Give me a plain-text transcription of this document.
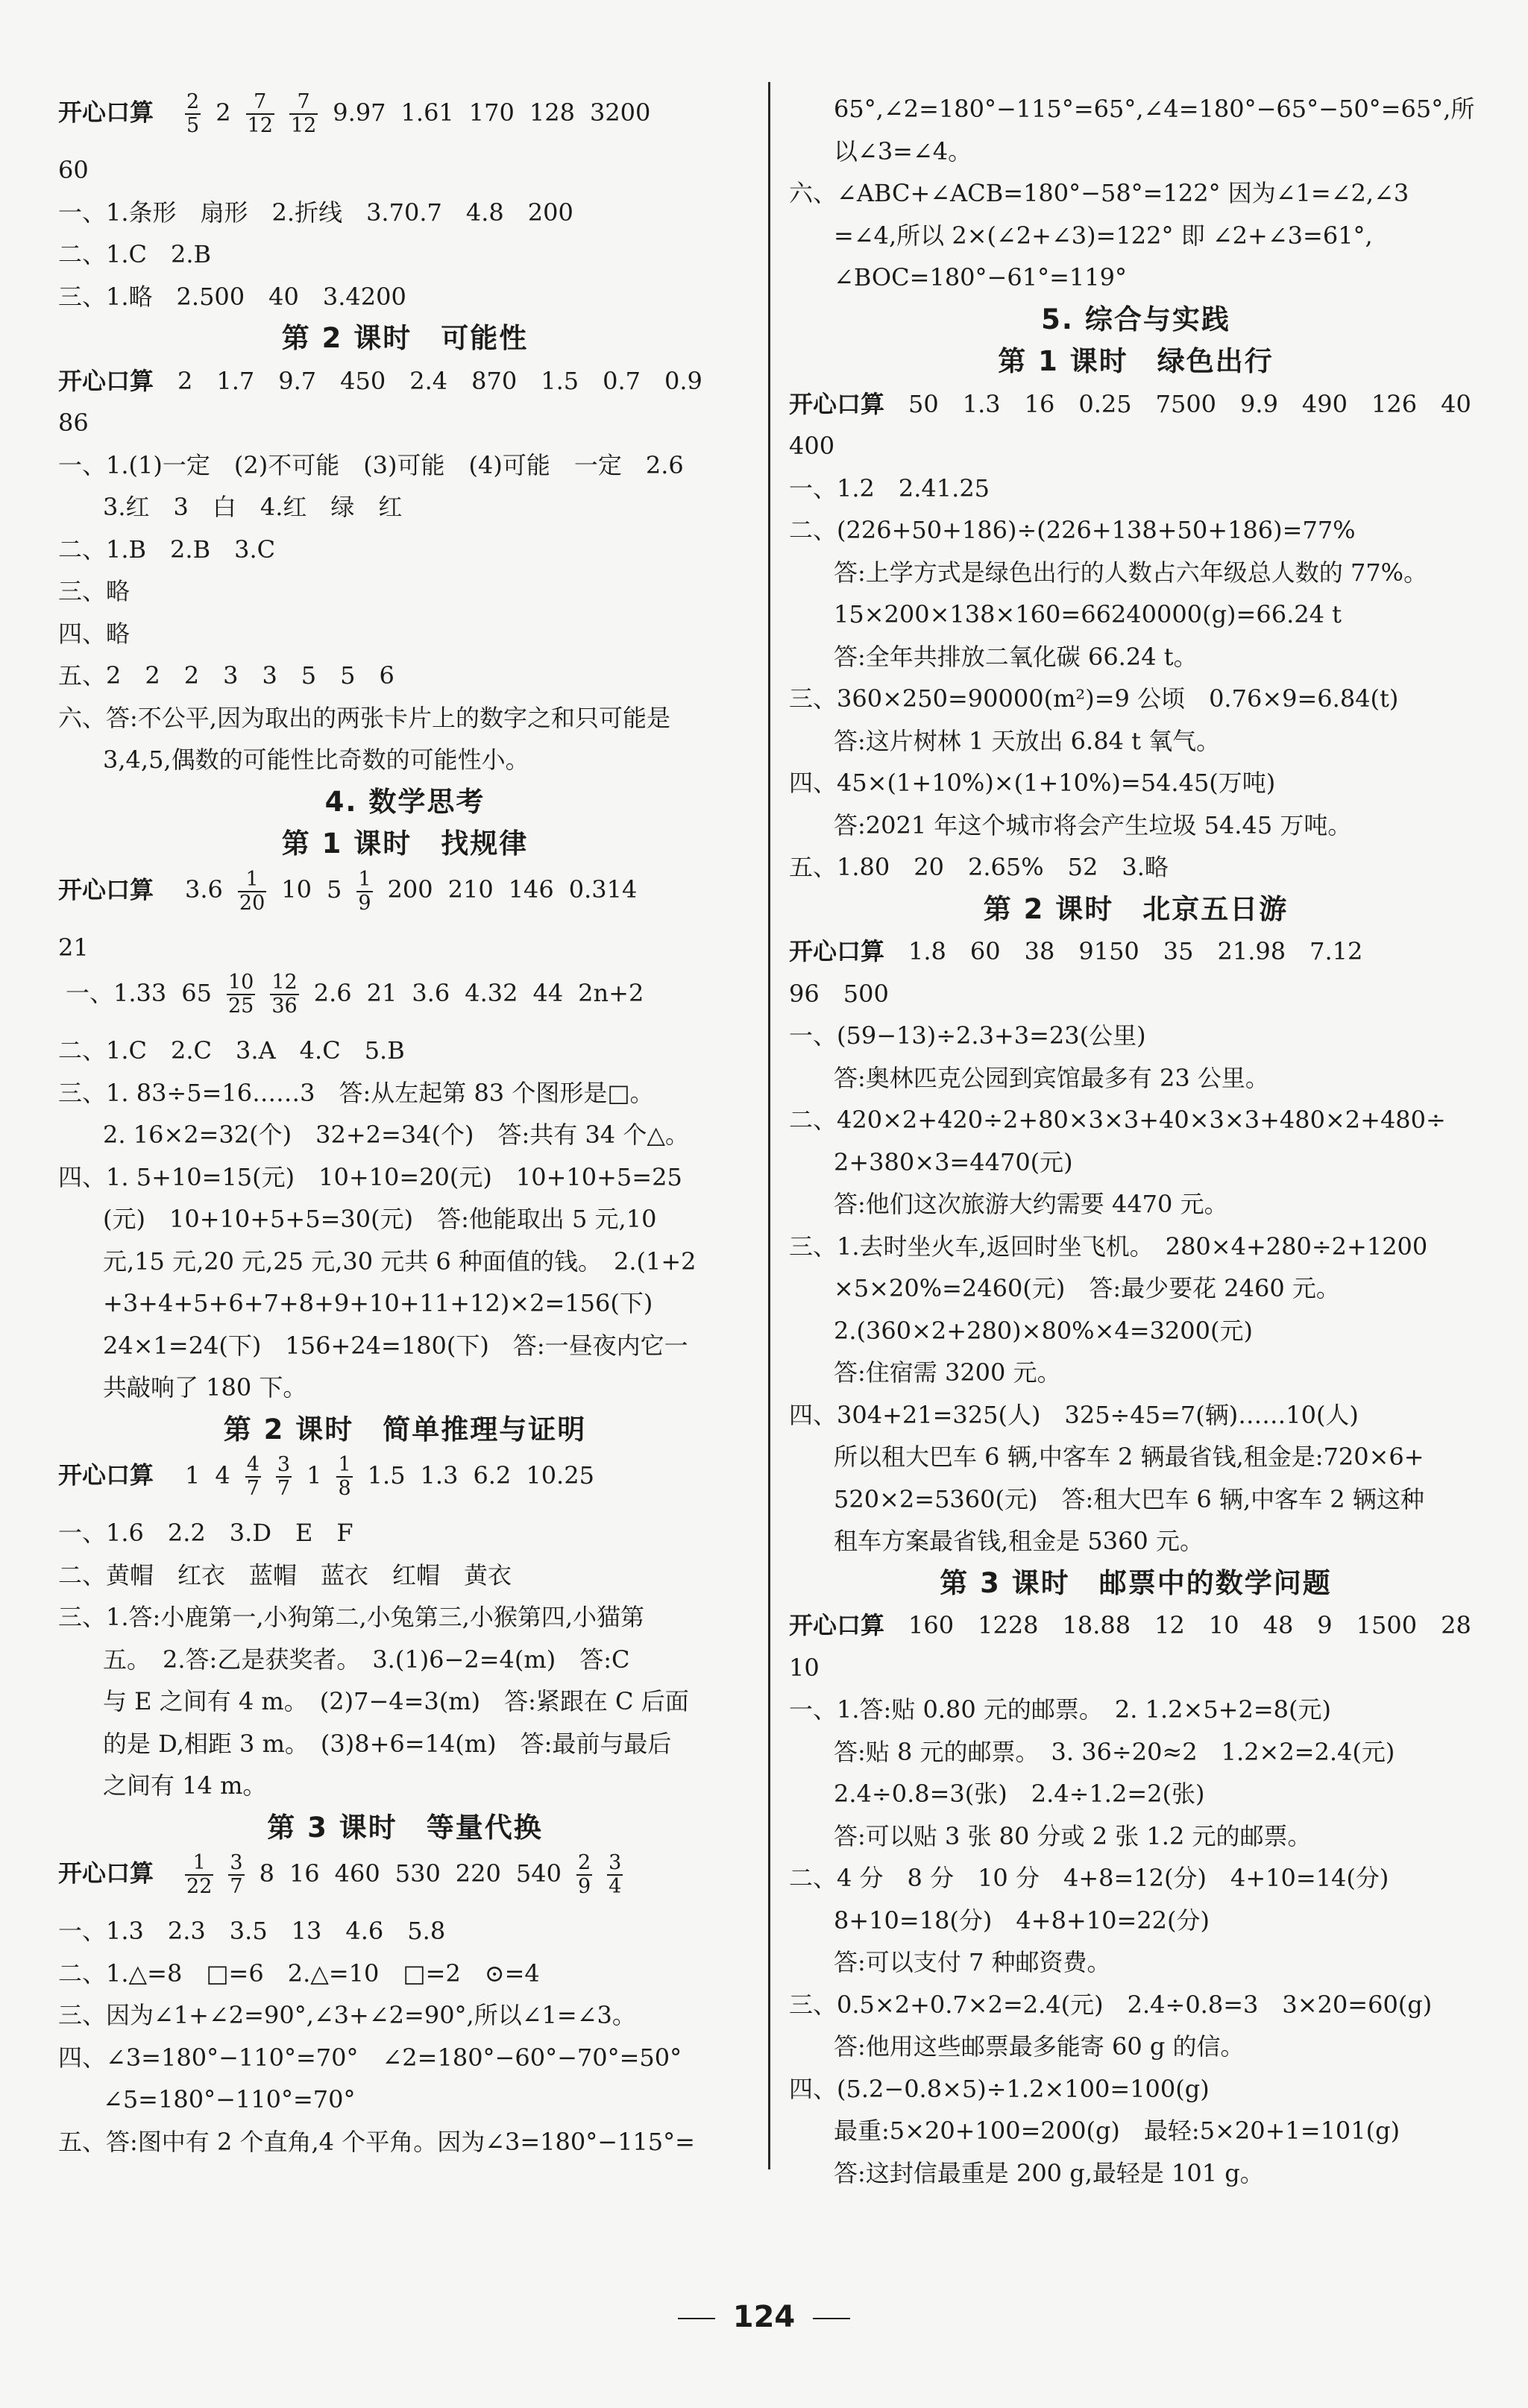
开心口算　 $\frac{2}{5} 2 \frac{7}{12} \frac{7}{12} 9.97$ 1.61 170 128 3200
60
一、1.条形　扇形　2.折线　3.70.7　4.8　200
二、1.C　2.B
三、1.略　2.500　40　3.4200
第 2 课时　可能性
开心口算　2　1.7　9.7　450　2.4　870　1.5　0.7　0.9
86
一、1.(1)一定　(2)不可能　(3)可能　(4)可能　一定　2.6
3.红　3　白　4.红　绿　红
二、1.B　2.B　3.C
三、略
四、略
五、2　2　2　3　3　5　5　6
六、答:不公平,因为取出的两张卡片上的数字之和只可能是
3,4,5,偶数的可能性比奇数的可能性小。
4. 数学思考
第 1 课时　找规律
开心口算　$3.6 \frac{1}{20} 10$ $5 \frac{1}{9} 200$ 210 146 0.314
21
一、1.33 $65 \frac{10}{25} \frac{12}{36} 2.6$ 21 3.6 4.32 44 2n+2
二、1.C　2.C　3.A　4.C　5.B
三、1. 83÷5=16……3　答:从左起第 83 个图形是□。
2. 16×2=32(个)　32+2=34(个)　答:共有 34 个△。
四、1. 5+10=15(元)　10+10=20(元)　10+10+5=25
(元)　10+10+5+5=30(元)　答:他能取出 5 元,10
元,15 元,20 元,25 元,30 元共 6 种面值的钱。　2.(1+2
+3+4+5+6+7+8+9+10+11+12)×2=156(下)
24×1=24(下)　156+24=180(下)　答:一昼夜内它一
共敲响了 180 下。
第 2 课时　简单推理与证明
开心口算　1 $4 \frac{4}{7} \frac{3}{7} 1 \frac{1}{8} 1.5$ 1.3 6.2 10.25
一、1.6　2.2　3.D　E　F
二、黄帽　红衣　蓝帽　蓝衣　红帽　黄衣
三、1.答:小鹿第一,小狗第二,小兔第三,小猴第四,小猫第
五。　2.答:乙是获奖者。　3.(1)6−2=4(m)　答:C
与 E 之间有 4 m。　(2)7−4=3(m)　答:紧跟在 C 后面
的是 D,相距 3 m。　(3)8+6=14(m)　答:最前与最后
之间有 14 m。
第 3 课时　等量代换
开心口算　 $\frac{1}{22} \frac{3}{7} 8$ 16 460 530 220 $540 \frac{2}{9} \frac{3}{4}$
一、1.3　2.3　3.5　13　4.6　5.8
二、1.△=8　□=6　2.△=10　□=2　⊙=4
三、因为∠1+∠2=90°,∠3+∠2=90°,所以∠1=∠3。
四、∠3=180°−110°=70°　∠2=180°−60°−70°=50°
∠5=180°−110°=70°
五、答:图中有 2 个直角,4 个平角。因为∠3=180°−115°=
65°,∠2=180°−115°=65°,∠4=180°−65°−50°=65°,所
以∠3=∠4。
六、∠ABC+∠ACB=180°−58°=122° 因为∠1=∠2,∠3
=∠4,所以 2×(∠2+∠3)=122° 即 ∠2+∠3=61°,
∠BOC=180°−61°=119°
5. 综合与实践
第 1 课时　绿色出行
开心口算　50　1.3　16　0.25　7500　9.9　490　126　40
400
一、1.2　2.41.25
二、(226+50+186)÷(226+138+50+186)=77%
答:上学方式是绿色出行的人数占六年级总人数的 77%。
15×200×138×160=66240000(g)=66.24 t
答:全年共排放二氧化碳 66.24 t。
三、360×250=90000(m²)=9 公顷　0.76×9=6.84(t)
答:这片树林 1 天放出 6.84 t 氧气。
四、45×(1+10%)×(1+10%)=54.45(万吨)
答:2021 年这个城市将会产生垃圾 54.45 万吨。
五、1.80　20　2.65%　52　3.略
第 2 课时　北京五日游
开心口算　1.8　60　38　9150　35　21.98　7.12
96　500
一、(59−13)÷2.3+3=23(公里)
答:奥林匹克公园到宾馆最多有 23 公里。
二、420×2+420÷2+80×3×3+40×3×3+480×2+480÷
2+380×3=4470(元)
答:他们这次旅游大约需要 4470 元。
三、1.去时坐火车,返回时坐飞机。　280×4+280÷2+1200
×5×20%=2460(元)　答:最少要花 2460 元。
2.(360×2+280)×80%×4=3200(元)
答:住宿需 3200 元。
四、304+21=325(人)　325÷45=7(辆)……10(人)
所以租大巴车 6 辆,中客车 2 辆最省钱,租金是:720×6+
520×2=5360(元)　答:租大巴车 6 辆,中客车 2 辆这种
租车方案最省钱,租金是 5360 元。
第 3 课时　邮票中的数学问题
开心口算　160　1228　18.88　12　10　48　9　1500　28
10
一、1.答:贴 0.80 元的邮票。　2. 1.2×5+2=8(元)
答:贴 8 元的邮票。　3. 36÷20≈2　1.2×2=2.4(元)
2.4÷0.8=3(张)　2.4÷1.2=2(张)
答:可以贴 3 张 80 分或 2 张 1.2 元的邮票。
二、4 分　8 分　10 分　4+8=12(分)　4+10=14(分)
8+10=18(分)　4+8+10=22(分)
答:可以支付 7 种邮资费。
三、0.5×2+0.7×2=2.4(元)　2.4÷0.8=3　3×20=60(g)
答:他用这些邮票最多能寄 60 g 的信。
四、(5.2−0.8×5)÷1.2×100=100(g)
最重:5×20+100=200(g)　最轻:5×20+1=101(g)
答:这封信最重是 200 g,最轻是 101 g。
124
